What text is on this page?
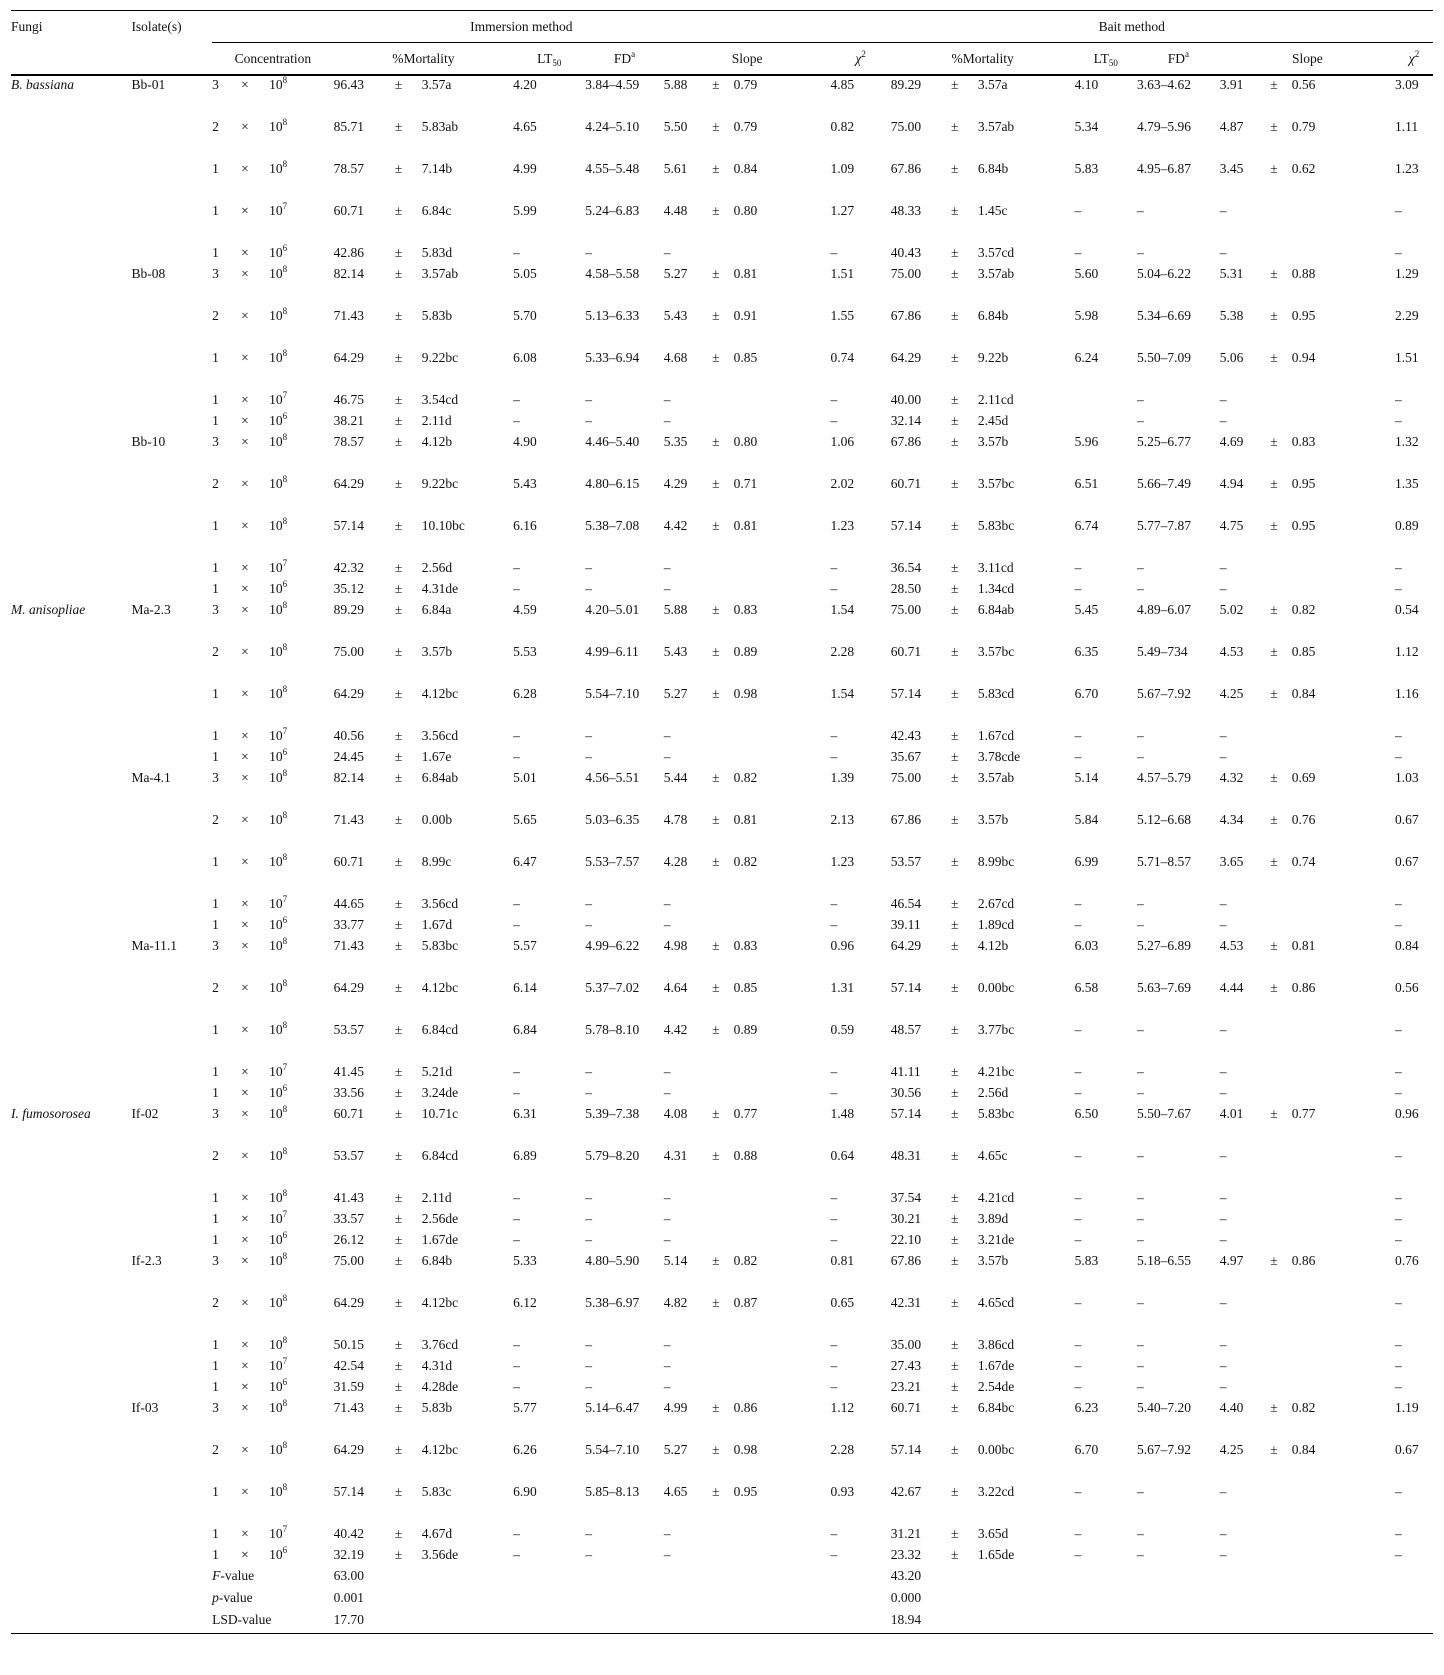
Fungi	Isolate(s)	Immersion method											Bait method									
		Concentration			%Mortality			$LT_{50}$	$FD^a$	Slope			$\chi^2$	%Mortality			$LT_{50}$	$FD^a$	Slope			$\chi^2$
B. bassiana	Bb-01	3	×	$10^8$	96.43	±	3.57a	4.20	3.84–4.59	5.88	±	0.79	4.85	89.29	±	3.57a	4.10	3.63–4.62	3.91	±	0.56	3.09
		2	×	$10^8$	85.71	±	5.83ab	4.65	4.24–5.10	5.50	±	0.79	0.82	75.00	±	3.57ab	5.34	4.79–5.96	4.87	±	0.79	1.11
		1	×	$10^8$	78.57	±	7.14b	4.99	4.55–5.48	5.61	±	0.84	1.09	67.86	±	6.84b	5.83	4.95–6.87	3.45	±	0.62	1.23
		1	×	$10^7$	60.71	±	6.84c	5.99	5.24–6.83	4.48	±	0.80	1.27	48.33	±	1.45c	–	–	–			–
		1	×	$10^6$	42.86	±	5.83d	–	–	–			–	40.43	±	3.57cd	–	–	–			–
	Bb-08	3	×	$10^8$	82.14	±	3.57ab	5.05	4.58–5.58	5.27	±	0.81	1.51	75.00	±	3.57ab	5.60	5.04–6.22	5.31	±	0.88	1.29
		2	×	$10^8$	71.43	±	5.83b	5.70	5.13–6.33	5.43	±	0.91	1.55	67.86	±	6.84b	5.98	5.34–6.69	5.38	±	0.95	2.29
		1	×	$10^8$	64.29	±	9.22bc	6.08	5.33–6.94	4.68	±	0.85	0.74	64.29	±	9.22b	6.24	5.50–7.09	5.06	±	0.94	1.51
		1	×	$10^7$	46.75	±	3.54cd	–	–	–			–	40.00	±	2.11cd		–	–			–
		1	×	$10^6$	38.21	±	2.11d	–	–	–			–	32.14	±	2.45d		–	–			–
	Bb-10	3	×	$10^8$	78.57	±	4.12b	4.90	4.46–5.40	5.35	±	0.80	1.06	67.86	±	3.57b	5.96	5.25–6.77	4.69	±	0.83	1.32
		2	×	$10^8$	64.29	±	9.22bc	5.43	4.80–6.15	4.29	±	0.71	2.02	60.71	±	3.57bc	6.51	5.66–7.49	4.94	±	0.95	1.35
		1	×	$10^8$	57.14	±	10.10bc	6.16	5.38–7.08	4.42	±	0.81	1.23	57.14	±	5.83bc	6.74	5.77–7.87	4.75	±	0.95	0.89
		1	×	$10^7$	42.32	±	2.56d	–	–	–			–	36.54	±	3.11cd	–	–	–			–
		1	×	$10^6$	35.12	±	4.31de	–	–	–			–	28.50	±	1.34cd	–	–	–			–
M. anisopliae	Ma-2.3	3	×	$10^8$	89.29	±	6.84a	4.59	4.20–5.01	5.88	±	0.83	1.54	75.00	±	6.84ab	5.45	4.89–6.07	5.02	±	0.82	0.54
		2	×	$10^8$	75.00	±	3.57b	5.53	4.99–6.11	5.43	±	0.89	2.28	60.71	±	3.57bc	6.35	5.49–734	4.53	±	0.85	1.12
		1	×	$10^8$	64.29	±	4.12bc	6.28	5.54–7.10	5.27	±	0.98	1.54	57.14	±	5.83cd	6.70	5.67–7.92	4.25	±	0.84	1.16
		1	×	$10^7$	40.56	±	3.56cd	–	–	–			–	42.43	±	1.67cd	–	–	–			–
		1	×	$10^6$	24.45	±	1.67e	–	–	–			–	35.67	±	3.78cde	–	–	–			–
	Ma-4.1	3	×	$10^8$	82.14	±	6.84ab	5.01	4.56–5.51	5.44	±	0.82	1.39	75.00	±	3.57ab	5.14	4.57–5.79	4.32	±	0.69	1.03
		2	×	$10^8$	71.43	±	0.00b	5.65	5.03–6.35	4.78	±	0.81	2.13	67.86	±	3.57b	5.84	5.12–6.68	4.34	±	0.76	0.67
		1	×	$10^8$	60.71	±	8.99c	6.47	5.53–7.57	4.28	±	0.82	1.23	53.57	±	8.99bc	6.99	5.71–8.57	3.65	±	0.74	0.67
		1	×	$10^7$	44.65	±	3.56cd	–	–	–			–	46.54	±	2.67cd	–	–	–			–
		1	×	$10^6$	33.77	±	1.67d	–	–	–			–	39.11	±	1.89cd	–	–	–			–
	Ma-11.1	3	×	$10^8$	71.43	±	5.83bc	5.57	4.99–6.22	4.98	±	0.83	0.96	64.29	±	4.12b	6.03	5.27–6.89	4.53	±	0.81	0.84
		2	×	$10^8$	64.29	±	4.12bc	6.14	5.37–7.02	4.64	±	0.85	1.31	57.14	±	0.00bc	6.58	5.63–7.69	4.44	±	0.86	0.56
		1	×	$10^8$	53.57	±	6.84cd	6.84	5.78–8.10	4.42	±	0.89	0.59	48.57	±	3.77bc	–	–	–			–
		1	×	$10^7$	41.45	±	5.21d	–	–	–			–	41.11	±	4.21bc	–	–	–			–
		1	×	$10^6$	33.56	±	3.24de	–	–	–			–	30.56	±	2.56d	–	–	–			–
I. fumosorosea	If-02	3	×	$10^8$	60.71	±	10.71c	6.31	5.39–7.38	4.08	±	0.77	1.48	57.14	±	5.83bc	6.50	5.50–7.67	4.01	±	0.77	0.96
		2	×	$10^8$	53.57	±	6.84cd	6.89	5.79–8.20	4.31	±	0.88	0.64	48.31	±	4.65c	–	–	–			–
		1	×	$10^8$	41.43	±	2.11d	–	–	–			–	37.54	±	4.21cd	–	–	–			–
		1	×	$10^7$	33.57	±	2.56de	–	–	–			–	30.21	±	3.89d	–	–	–			–
		1	×	$10^6$	26.12	±	1.67de	–	–	–			–	22.10	±	3.21de	–	–	–			–
	If-2.3	3	×	$10^8$	75.00	±	6.84b	5.33	4.80–5.90	5.14	±	0.82	0.81	67.86	±	3.57b	5.83	5.18–6.55	4.97	±	0.86	0.76
		2	×	$10^8$	64.29	±	4.12bc	6.12	5.38–6.97	4.82	±	0.87	0.65	42.31	±	4.65cd	–	–	–			–
		1	×	$10^8$	50.15	±	3.76cd	–	–	–			–	35.00	±	3.86cd	–	–	–			–
		1	×	$10^7$	42.54	±	4.31d	–	–	–			–	27.43	±	1.67de	–	–	–			–
		1	×	$10^6$	31.59	±	4.28de	–	–	–			–	23.21	±	2.54de	–	–	–			–
	If-03	3	×	$10^8$	71.43	±	5.83b	5.77	5.14–6.47	4.99	±	0.86	1.12	60.71	±	6.84bc	6.23	5.40–7.20	4.40	±	0.82	1.19
		2	×	$10^8$	64.29	±	4.12bc	6.26	5.54–7.10	5.27	±	0.98	2.28	57.14	±	0.00bc	6.70	5.67–7.92	4.25	±	0.84	0.67
		1	×	$10^8$	57.14	±	5.83c	6.90	5.85–8.13	4.65	±	0.95	0.93	42.67	±	3.22cd	–	–	–			–
		1	×	$10^7$	40.42	±	4.67d	–	–	–			–	31.21	±	3.65d	–	–	–			–
		1	×	$10^6$	32.19	±	3.56de	–	–	–			–	23.32	±	1.65de	–	–	–			–
		F-value			63.00									43.20								
		p-value			0.001									0.000								
		LSD-value			17.70									18.94								
